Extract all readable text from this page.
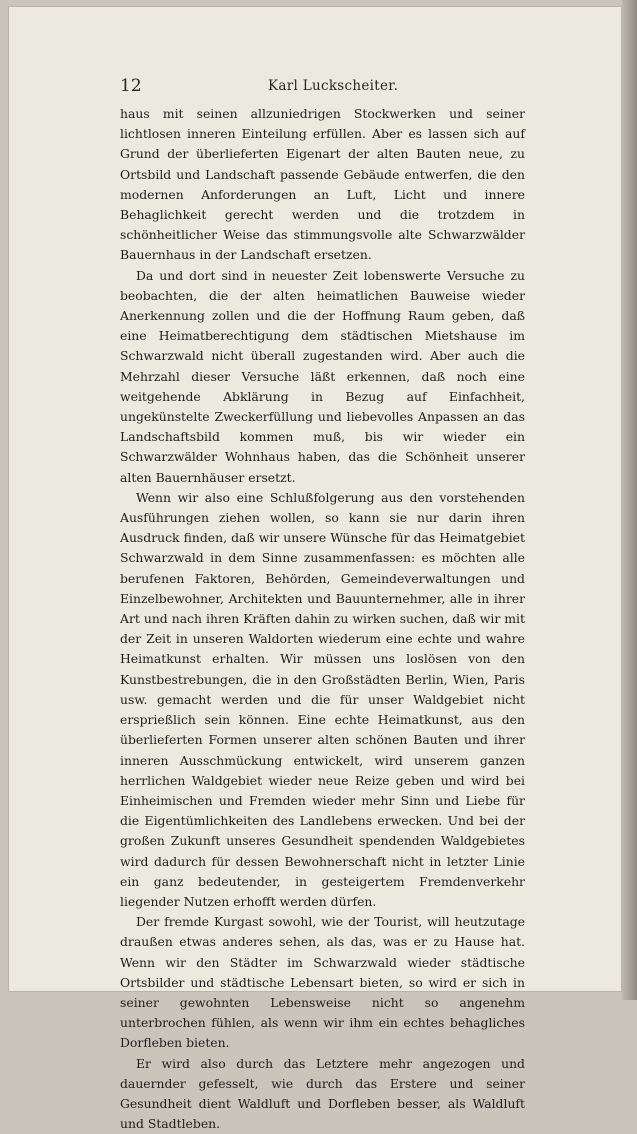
12	Karl Luckscheiter.

haus mit seinen allzuniedrigen Stockwerken und seiner lichtlosen inneren Einteilung erfüllen. Aber es lassen sich auf Grund der überlieferten Eigenart der alten Bauten neue, zu Ortsbild und Landschaft passende Gebäude entwerfen, die den modernen Anforderungen an Luft, Licht und innere Behaglichkeit gerecht werden und die trotzdem in schönheitlicher Weise das stimmungsvolle alte Schwarzwälder Bauernhaus in der Landschaft ersetzen.

Da und dort sind in neuester Zeit lobenswerte Versuche zu beobachten, die der alten heimatlichen Bauweise wieder Anerkennung zollen und die der Hoffnung Raum geben, daß eine Heimatberechtigung dem städtischen Mietshause im Schwarzwald nicht überall zugestanden wird. Aber auch die Mehrzahl dieser Versuche läßt erkennen, daß noch eine weitgehende Abklärung in Bezug auf Einfachheit, ungekünstelte Zweckerfüllung und liebevolles Anpassen an das Landschaftsbild kommen muß, bis wir wieder ein Schwarzwälder Wohnhaus haben, das die Schönheit unserer alten Bauernhäuser ersetzt.

Wenn wir also eine Schlußfolgerung aus den vorstehenden Ausführungen ziehen wollen, so kann sie nur darin ihren Ausdruck finden, daß wir unsere Wünsche für das Heimatgebiet Schwarzwald in dem Sinne zusammenfassen: es möchten alle berufenen Faktoren, Behörden, Gemeindeverwaltungen und Einzelbewohner, Architekten und Bauunternehmer, alle in ihrer Art und nach ihren Kräften dahin zu wirken suchen, daß wir mit der Zeit in unseren Waldorten wiederum eine echte und wahre Heimatkunst erhalten. Wir müssen uns loslösen von den Kunstbestrebungen, die in den Großstädten Berlin, Wien, Paris usw. gemacht werden und die für unser Waldgebiet nicht ersprießlich sein können. Eine echte Heimatkunst, aus den überlieferten Formen unserer alten schönen Bauten und ihrer inneren Ausschmückung entwickelt, wird unserem ganzen herrlichen Waldgebiet wieder neue Reize geben und wird bei Einheimischen und Fremden wieder mehr Sinn und Liebe für die Eigentümlichkeiten des Landlebens erwecken. Und bei der großen Zukunft unseres Gesundheit spendenden Waldgebietes wird dadurch für dessen Bewohnerschaft nicht in letzter Linie ein ganz bedeutender, in gesteigertem Fremdenverkehr liegender Nutzen erhofft werden dürfen.

Der fremde Kurgast sowohl, wie der Tourist, will heutzutage draußen etwas anderes sehen, als das, was er zu Hause hat. Wenn wir den Städter im Schwarzwald wieder städtische Ortsbilder und städtische Lebensart bieten, so wird er sich in seiner gewohnten Lebensweise nicht so angenehm unterbrochen fühlen, als wenn wir ihm ein echtes behagliches Dorfleben bieten.

Er wird also durch das Letztere mehr angezogen und dauernder gefesselt, wie durch das Erstere und seiner Gesundheit dient Waldluft und Dorfleben besser, als Waldluft und Stadtleben.
